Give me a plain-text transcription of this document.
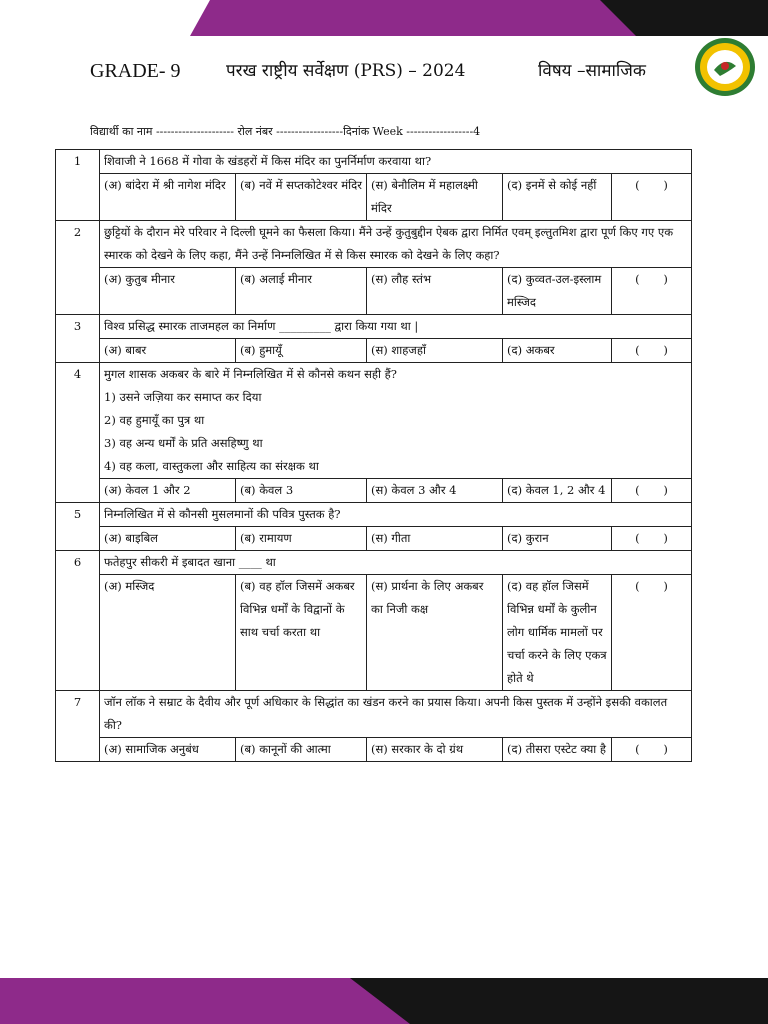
GRADE- 9	परख राष्ट्रीय सर्वेक्षण (PRS) – 2024	विषय –सामाजिक
विद्यार्थी का नाम --------------------- रोल नंबर ------------------दिनांक Week ------------------4
1	शिवाजी ने 1668 में गोवा के खंडहरों में किस मंदिर का पुनर्निर्माण करवाया था?				

	(अ) बांदेरा में श्री नागेश मंदिर	(ब) नवें में सप्तकोटेश्वर मंदिर	(स) बेनौलिम में महालक्ष्मी मंदिर	(द) इनमें से कोई नहीं	( )
2	छुट्टियों के दौरान मेरे परिवार ने दिल्ली घूमने का फैसला किया। मैंने उन्हें कुतुबुद्दीन ऐबक द्वारा निर्मित एवम् इल्तुतमिश द्वारा पूर्ण किए गए एक स्मारक को देखने के लिए कहा, मैंने उन्हें निम्नलिखित में से किस स्मारक को देखने के लिए कहा?				

	(अ) कुतुब मीनार	(ब) अलाई मीनार	(स) लौह स्तंभ	(द) कुव्वत-उल-इस्लाम मस्जिद	( )
3	विश्व प्रसिद्ध स्मारक ताजमहल का निर्माण _________ द्वारा किया गया था |				

	(अ) बाबर	(ब) हुमायूँ	(स) शाहजहाँ	(द) अकबर	( )
4	मुगल शासक अकबर के बारे में निम्नलिखित में से कौनसे कथन सही हैं?
1) उसने जज़िया कर समाप्त कर दिया
2) वह हुमायूँ का पुत्र था
3) वह अन्य धर्मों के प्रति असहिष्णु था
4) वह कला, वास्तुकला और साहित्य का संरक्षक था				

	(अ) केवल 1 और 2	(ब) केवल 3	(स) केवल 3 और 4	(द) केवल 1, 2 और 4	( )
5	निम्नलिखित में से कौनसी मुसलमानों की पवित्र पुस्तक है?				

	(अ) बाइबिल	(ब) रामायण	(स) गीता	(द) कुरान	( )
6	फतेहपुर सीकरी में इबादत खाना ____ था				

	(अ) मस्जिद	(ब) वह हॉल जिसमें अकबर विभिन्न धर्मों के विद्वानों के साथ चर्चा करता था	(स) प्रार्थना के लिए अकबर का निजी कक्ष	(द) वह हॉल जिसमें विभिन्न धर्मों के कुलीन लोग धार्मिक मामलों पर चर्चा करने के लिए एकत्र होते थे	( )
7	जॉन लॉक ने सम्राट के दैवीय और पूर्ण अधिकार के सिद्धांत का खंडन करने का प्रयास किया। अपनी किस पुस्तक में उन्होंने इसकी वकालत की?				

	(अ) सामाजिक अनुबंध	(ब) कानूनों की आत्मा	(स) सरकार के दो ग्रंथ	(द) तीसरा एस्टेट क्या है	( )
